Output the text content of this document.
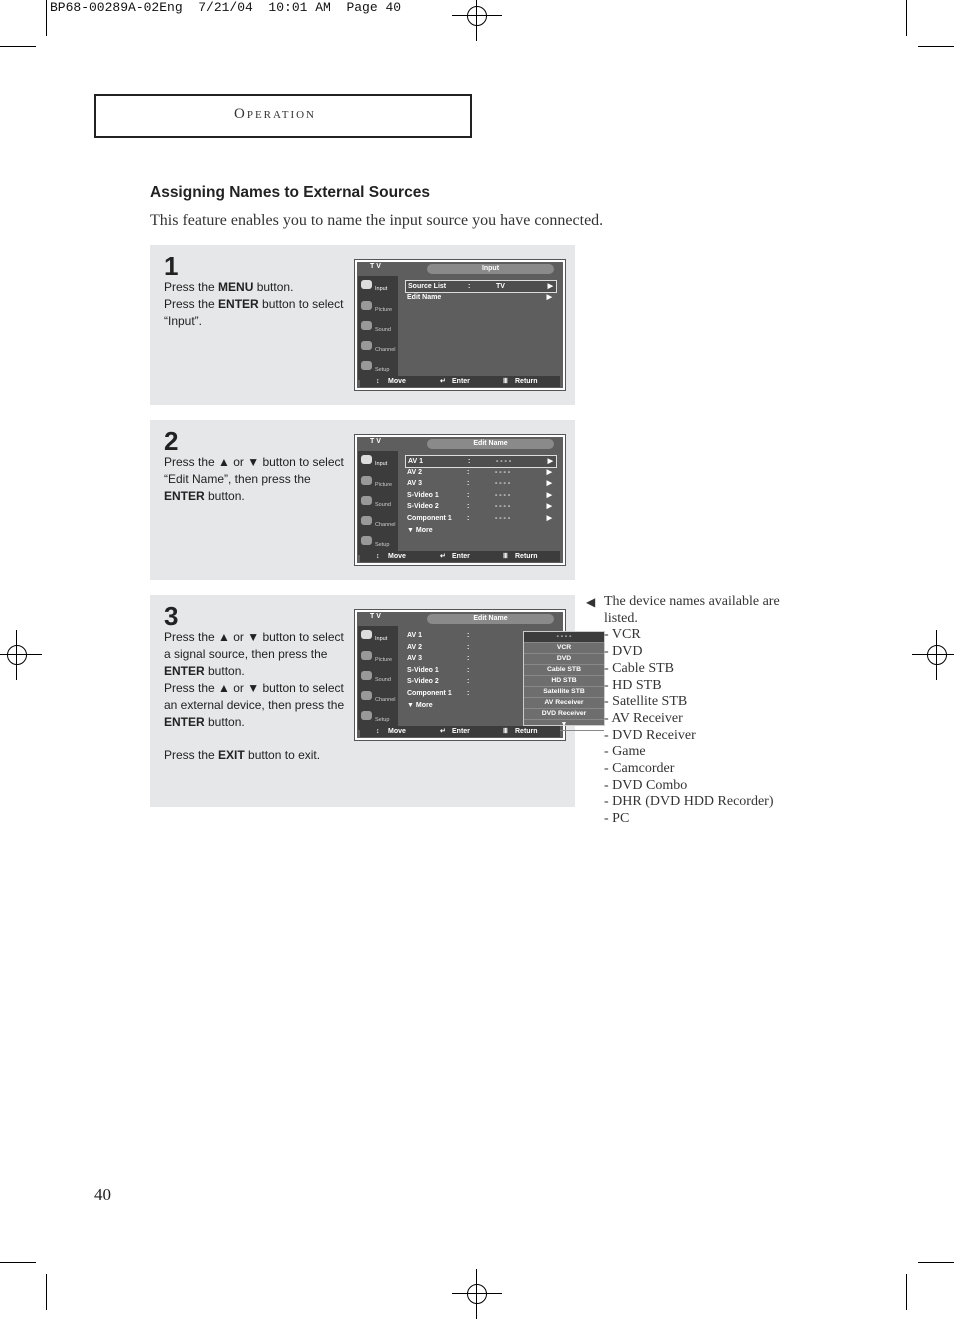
BP68-00289A-02Eng  7/21/04  10:01 AM  Page 40
Operation
Assigning Names to External Sources
This feature enables you to name the input source you have connected.
1

Press the MENU button.

Press the ENTER button to select “Input”.

T V	Input
Input
Picture
Sound
Channel
Setup
Source List	:	TV	▶
Edit Name	▶
↕ Move	↵ Enter	Ⅲ Return
2

Press the ▲ or ▼ button to select “Edit Name”, then press the ENTER button.

T V	Edit Name
Input
Picture
Sound
Channel
Setup
AV 1	:	- - - -	▶
AV 2	:	- - - -	▶
AV 3	:	- - - -	▶
S-Video 1	:	- - - -	▶
S-Video 2	:	- - - -	▶
Component 1 :	- - - -	▶
▼ More
↕ Move	↵ Enter	Ⅲ Return
3

Press the ▲ or ▼ button to select a signal source, then press the ENTER button.

Press the ▲ or ▼ button to select an external device, then press the ENTER button.

Press the EXIT button to exit.

T V	Edit Name
Input
Picture
Sound
Channel
Setup
AV 1	:
AV 2	:
AV 3	:
S-Video 1	:
S-Video 2	:
Component 1 :
▼ More
- - - -
VCR
DVD
Cable STB
HD STB
Satellite STB
AV Receiver
DVD Receiver
▼
↕ Move	↵ Enter	Ⅲ Return
◀ The device names available are listed.
- VCR
- DVD
- Cable STB
- HD STB
- Satellite STB
- AV Receiver
- DVD Receiver
- Game
- Camcorder
- DVD Combo
- DHR (DVD HDD Recorder)
- PC
40
